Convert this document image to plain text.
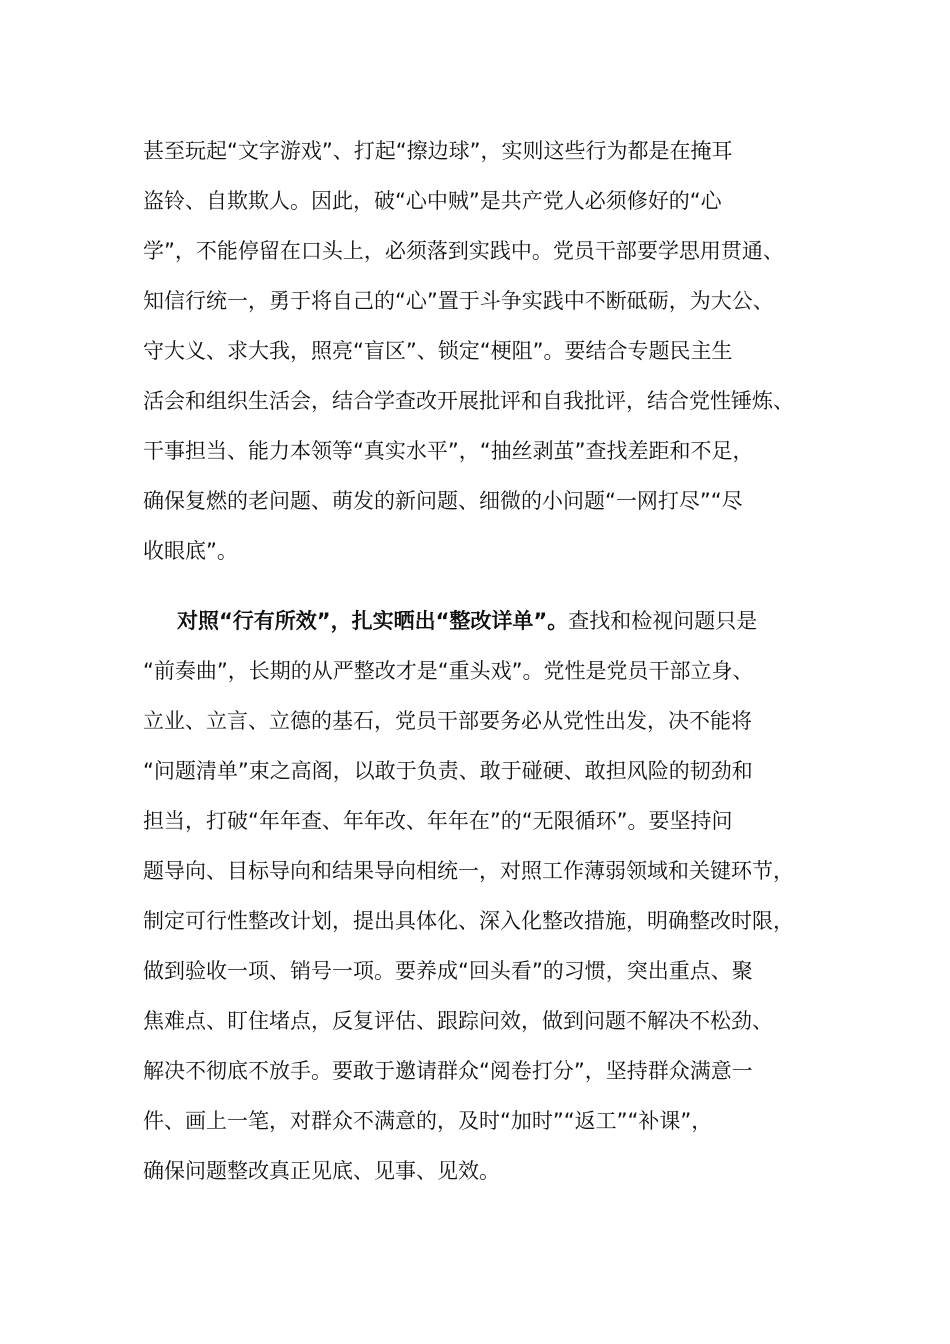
甚至玩起“文字游戏”、打起“擦边球”，实则这些行为都是在掩耳
盗铃、自欺欺人。因此，破“心中贼”是共产党人必须修好的“心
学”，不能停留在口头上，必须落到实践中。党员干部要学思用贯通、
知信行统一，勇于将自己的“心”置于斗争实践中不断砥砺，为大公、
守大义、求大我，照亮“盲区”、锁定“梗阻”。要结合专题民主生
活会和组织生活会，结合学查改开展批评和自我批评，结合党性锤炼、
干事担当、能力本领等“真实水平”，“抽丝剥茧”查找差距和不足，
确保复燃的老问题、萌发的新问题、细微的小问题“一网打尽”“尽
收眼底”。
对照“行有所效”，扎实晒出“整改详单”。查找和检视问题只是
“前奏曲”，长期的从严整改才是“重头戏”。党性是党员干部立身、
立业、立言、立德的基石，党员干部要务必从党性出发，决不能将
“问题清单”束之高阁，以敢于负责、敢于碰硬、敢担风险的韧劲和
担当，打破“年年查、年年改、年年在”的“无限循环”。要坚持问
题导向、目标导向和结果导向相统一，对照工作薄弱领域和关键环节，
制定可行性整改计划，提出具体化、深入化整改措施，明确整改时限，
做到验收一项、销号一项。要养成“回头看”的习惯，突出重点、聚
焦难点、盯住堵点，反复评估、跟踪问效，做到问题不解决不松劲、
解决不彻底不放手。要敢于邀请群众“阅卷打分”，坚持群众满意一
件、画上一笔，对群众不满意的，及时“加时”“返工”“补课”，
确保问题整改真正见底、见事、见效。
